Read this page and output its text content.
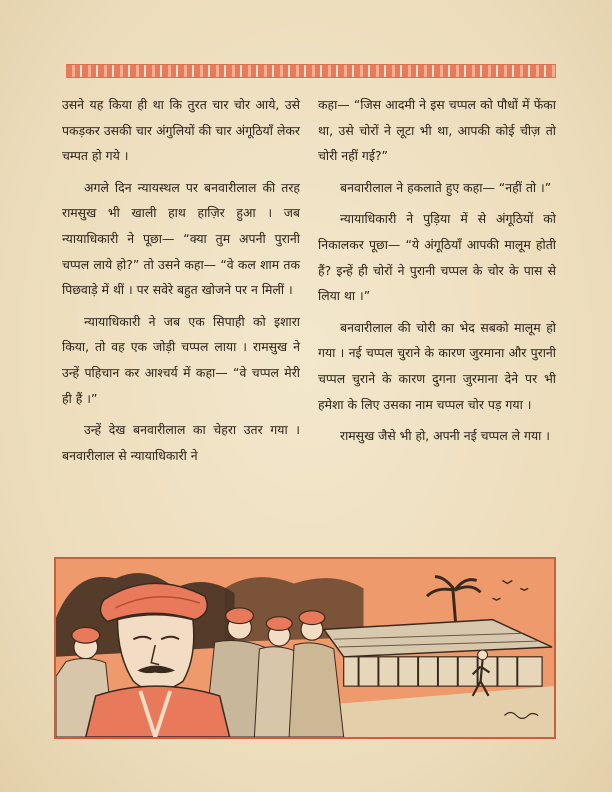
उसने यह किया ही था कि तुरत चार चोर आये, उसे पकड़कर उसकी चार अंगुलियों की चार अंगूठियाँ लेकर चम्पत हो गये ।

अगले दिन न्यायस्थल पर बनवारीलाल की तरह रामसुख भी खाली हाथ हाज़िर हुआ । जब न्यायाधिकारी ने पूछा— “क्या तुम अपनी पुरानी चप्पल लाये हो?” तो उसने कहा— “वे कल शाम तक पिछवाड़े में थीं । पर सवेरे बहुत खोजने पर न मिलीं ।

न्यायाधिकारी ने जब एक सिपाही को इशारा किया, तो वह एक जोड़ी चप्पल लाया । रामसुख ने उन्हें पहिचान कर आश्चर्य में कहा— “वे चप्पल मेरी ही हैं ।”

उन्हें देख बनवारीलाल का चेहरा उतर गया । बनवारीलाल से न्यायाधिकारी ने

कहा— “जिस आदमी ने इस चप्पल को पौधों में फेंका था, उसे चोरों ने लूटा भी था, आपकी कोई चीज़ तो चोरी नहीं गई?”

बनवारीलाल ने हकलाते हुए कहा— “नहीं तो ।”

न्यायाधिकारी ने पुड़िया में से अंगूठियों को निकालकर पूछा— “ये अंगूठियाँ आपकी मालूम होती हैं? इन्हें ही चोरों ने पुरानी चप्पल के चोर के पास से लिया था ।”

बनवारीलाल की चोरी का भेद सबको मालूम हो गया । नई चप्पल चुराने के कारण जुरमाना और पुरानी चप्पल चुराने के कारण दुगना जुरमाना देने पर भी हमेशा के लिए उसका नाम चप्पल चोर पड़ गया ।

रामसुख जैसे भी हो, अपनी नई चप्पल ले गया ।
